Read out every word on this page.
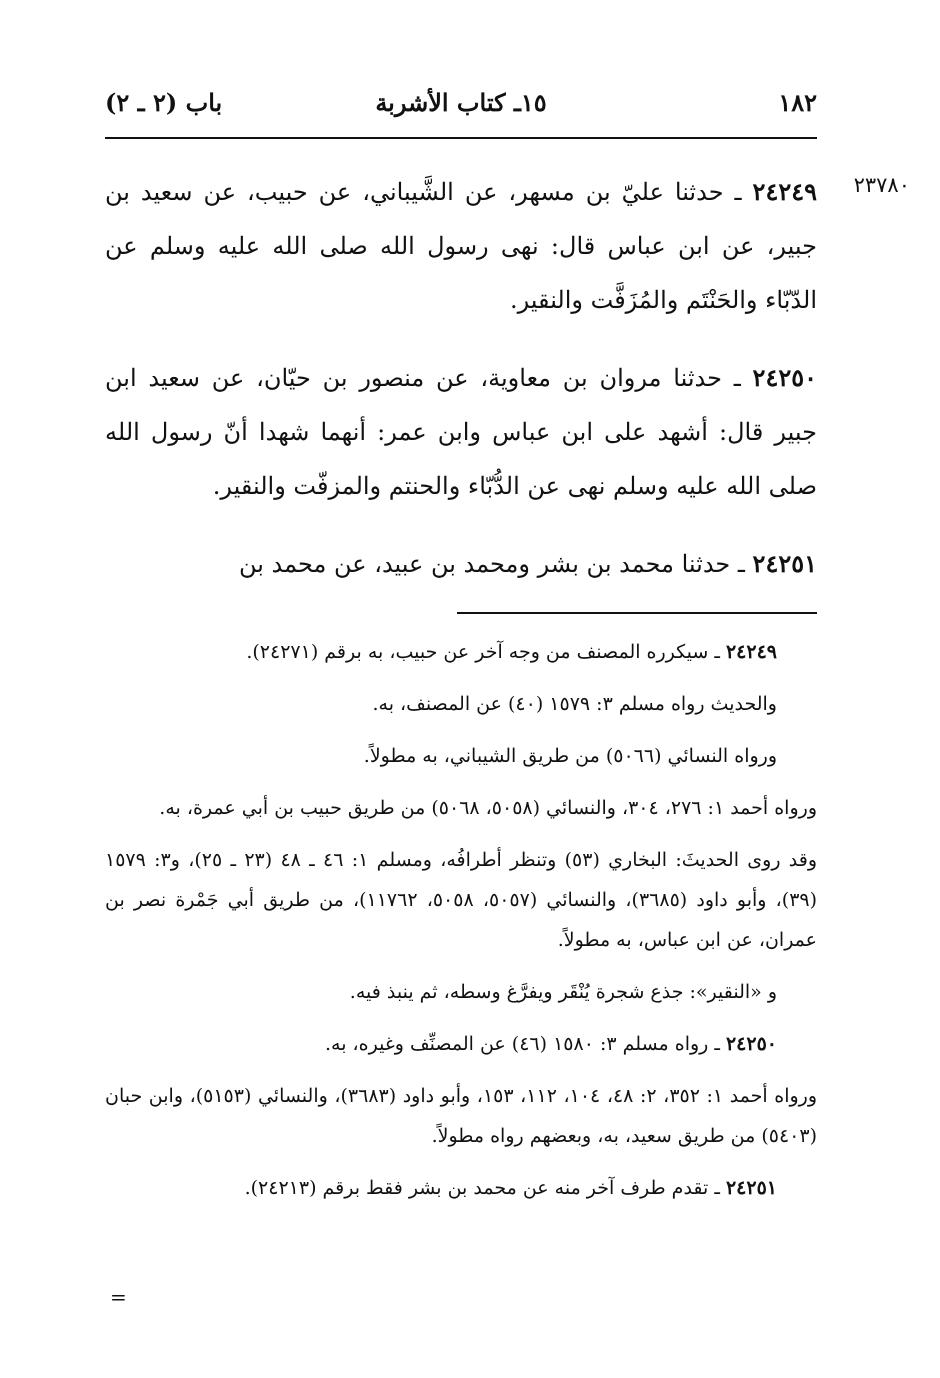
١٨٢
١٥ـ كتاب الأشربة
باب (٢ ـ ٢)
٢٣٧٨٠

٢٤٢٤٩ ـ حدثنا عليّ بن مسهر، عن الشَّيباني، عن حبيب، عن سعيد بن جبير، عن ابن عباس قال: نهى رسول الله صلى الله عليه وسلم عن الدّبّاء والحَنْتَم والمُزَفَّت والنقير.

٢٤٢٥٠ ـ حدثنا مروان بن معاوية، عن منصور بن حيّان، عن سعيد ابن جبير قال: أشهد على ابن عباس وابن عمر: أنهما شهدا أنّ رسول الله صلى الله عليه وسلم نهى عن الدُّبّاء والحنتم والمزفّت والنقير.

٢٤٢٥١ ـ حدثنا محمد بن بشر ومحمد بن عبيد، عن محمد بن

٢٤٢٤٩ ـ سيكرره المصنف من وجه آخر عن حبيب، به برقم (٢٤٢٧١).

والحديث رواه مسلم ٣: ١٥٧٩ (٤٠) عن المصنف، به.

ورواه النسائي (٥٠٦٦) من طريق الشيباني، به مطولاً.

ورواه أحمد ١: ٢٧٦، ٣٠٤، والنسائي (٥٠٥٨، ٥٠٦٨) من طريق حبيب بن أبي عمرة، به.

وقد روى الحديثَ: البخاري (٥٣) وتنظر أطرافُه، ومسلم ١: ٤٦ ـ ٤٨ (٢٣ ـ ٢٥)، و٣: ١٥٧٩ (٣٩)، وأبو داود (٣٦٨٥)، والنسائي (٥٠٥٧، ٥٠٥٨، ١١٧٦٢)، من طريق أبي جَمْرة نصر بن عمران، عن ابن عباس، به مطولاً.

و «النقير»: جذع شجرة يُنْقَر ويفرَّغ وسطه، ثم ينبذ فيه.

٢٤٢٥٠ ـ رواه مسلم ٣: ١٥٨٠ (٤٦) عن المصنِّف وغيره، به.

ورواه أحمد ١: ٣٥٢، ٢: ٤٨، ١٠٤، ١١٢، ١٥٣، وأبو داود (٣٦٨٣)، والنسائي (٥١٥٣)، وابن حبان (٥٤٠٣) من طريق سعيد، به، وبعضهم رواه مطولاً.

٢٤٢٥١ ـ تقدم طرف آخر منه عن محمد بن بشر فقط برقم (٢٤٢١٣).

=
